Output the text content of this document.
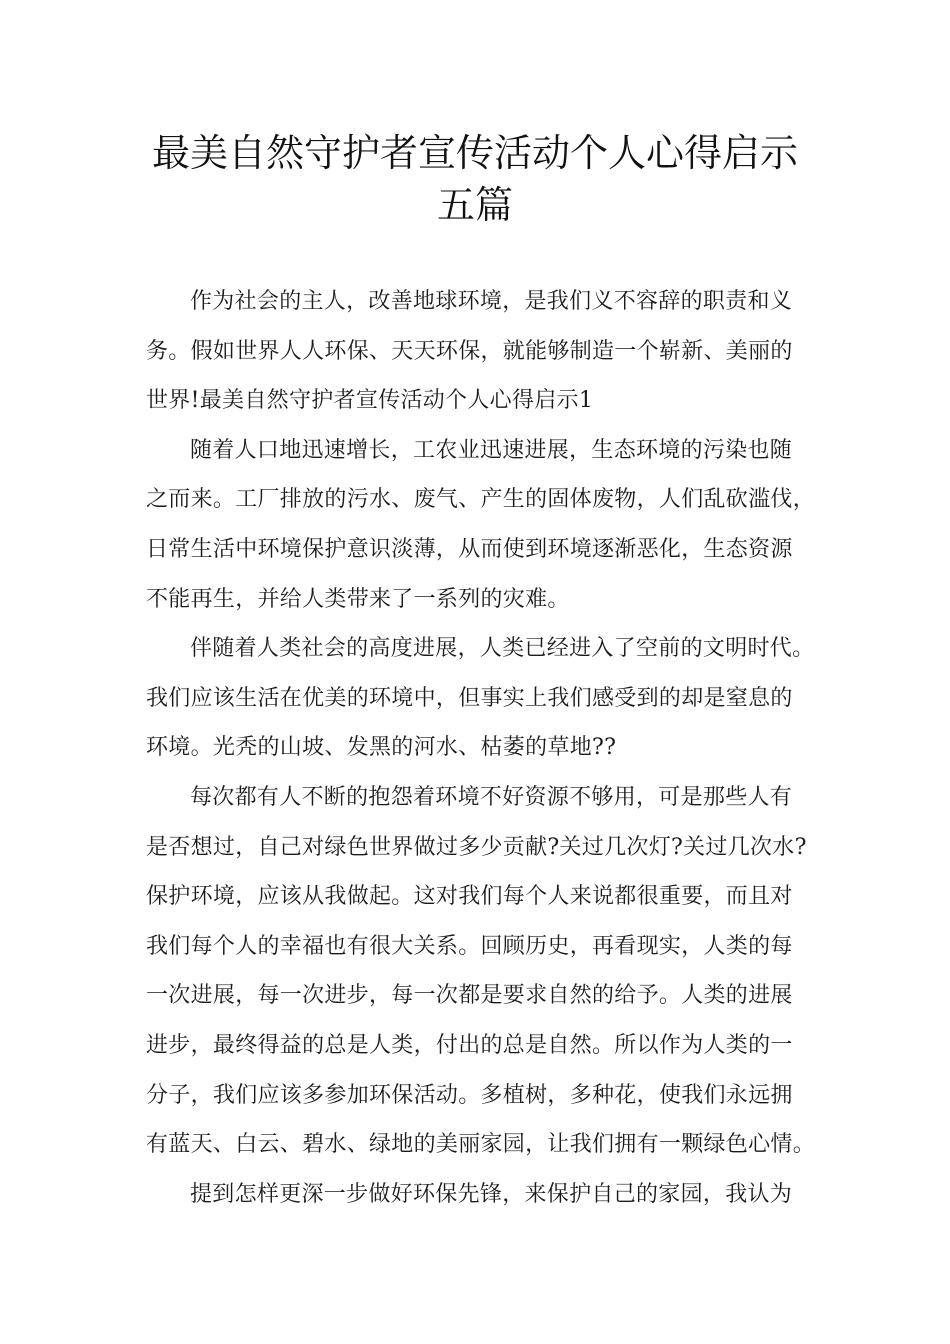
最美自然守护者宣传活动个人心得启示
五篇
作为社会的主人，改善地球环境，是我们义不容辞的职责和义
务。假如世界人人环保、天天环保，就能够制造一个崭新、美丽的
世界!最美自然守护者宣传活动个人心得启示1
随着人口地迅速增长，工农业迅速进展，生态环境的污染也随
之而来。工厂排放的污水、废气、产生的固体废物，人们乱砍滥伐，
日常生活中环境保护意识淡薄，从而使到环境逐渐恶化，生态资源
不能再生，并给人类带来了一系列的灾难。
伴随着人类社会的高度进展，人类已经进入了空前的文明时代。
我们应该生活在优美的环境中，但事实上我们感受到的却是窒息的
环境。光秃的山坡、发黑的河水、枯萎的草地??
每次都有人不断的抱怨着环境不好资源不够用，可是那些人有
是否想过，自己对绿色世界做过多少贡献?关过几次灯?关过几次水?
保护环境，应该从我做起。这对我们每个人来说都很重要，而且对
我们每个人的幸福也有很大关系。回顾历史，再看现实，人类的每
一次进展，每一次进步，每一次都是要求自然的给予。人类的进展
进步，最终得益的总是人类，付出的总是自然。所以作为人类的一
分子，我们应该多参加环保活动。多植树，多种花，使我们永远拥
有蓝天、白云、碧水、绿地的美丽家园，让我们拥有一颗绿色心情。
提到怎样更深一步做好环保先锋，来保护自己的家园，我认为
